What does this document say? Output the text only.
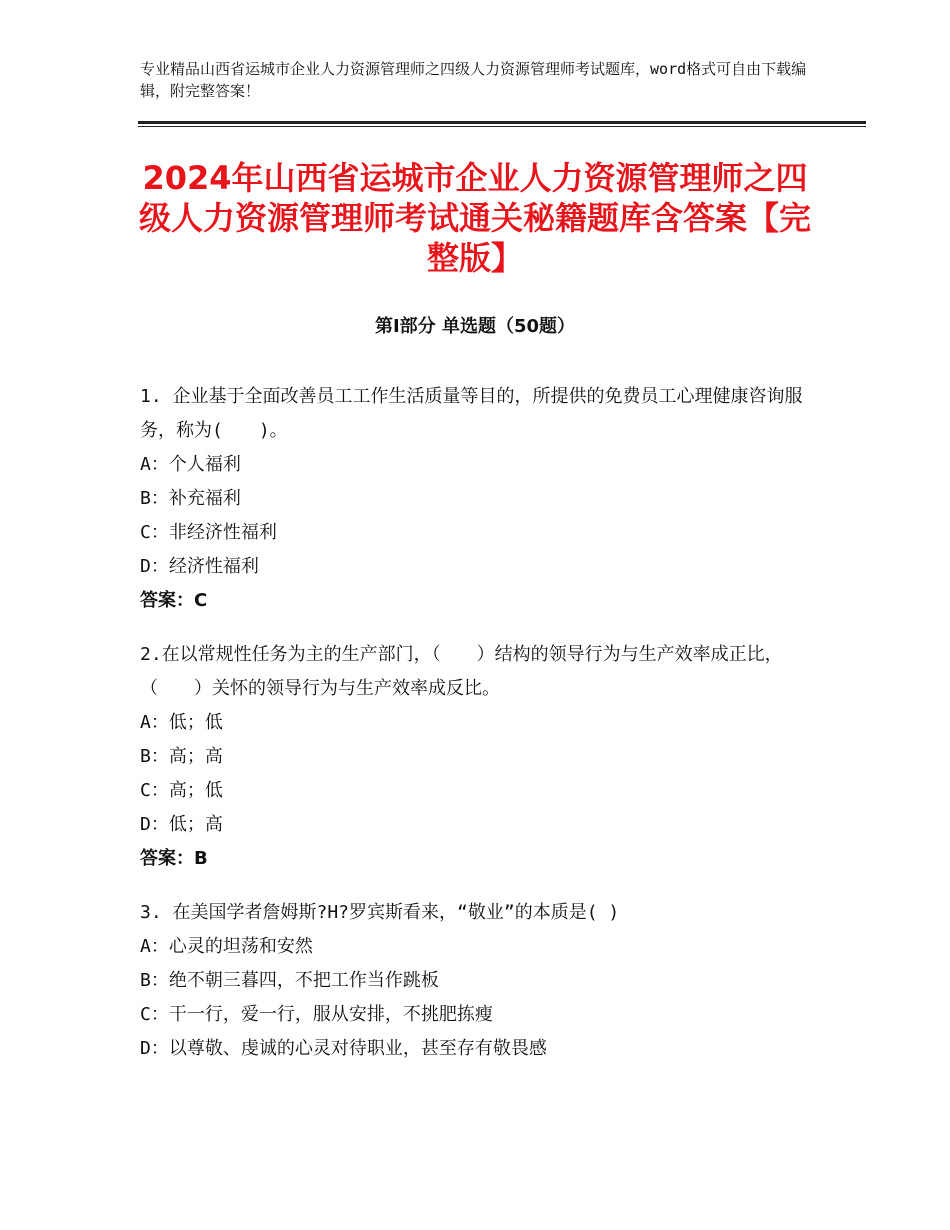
专业精品山西省运城市企业人力资源管理师之四级人力资源管理师考试题库，word格式可自由下载编辑，附完整答案！
2024年山西省运城市企业人力资源管理师之四级人力资源管理师考试通关秘籍题库含答案【完整版】
第Ⅰ部分 单选题（50题）

1. 企业基于全面改善员工工作生活质量等目的，所提供的免费员工心理健康咨询服务，称为(　　)。

A：个人福利
B：补充福利
C：非经济性福利
D：经济性福利
答案：C

2.在以常规性任务为主的生产部门，（　　）结构的领导行为与生产效率成正比，（　　）关怀的领导行为与生产效率成反比。

A：低；低
B：高；高
C：高；低
D：低；高
答案：B

3. 在美国学者詹姆斯?H?罗宾斯看来，“敬业”的本质是( )

A：心灵的坦荡和安然
B：绝不朝三暮四，不把工作当作跳板
C：干一行，爱一行，服从安排，不挑肥拣瘦
D：以尊敬、虔诚的心灵对待职业，甚至存有敬畏感
